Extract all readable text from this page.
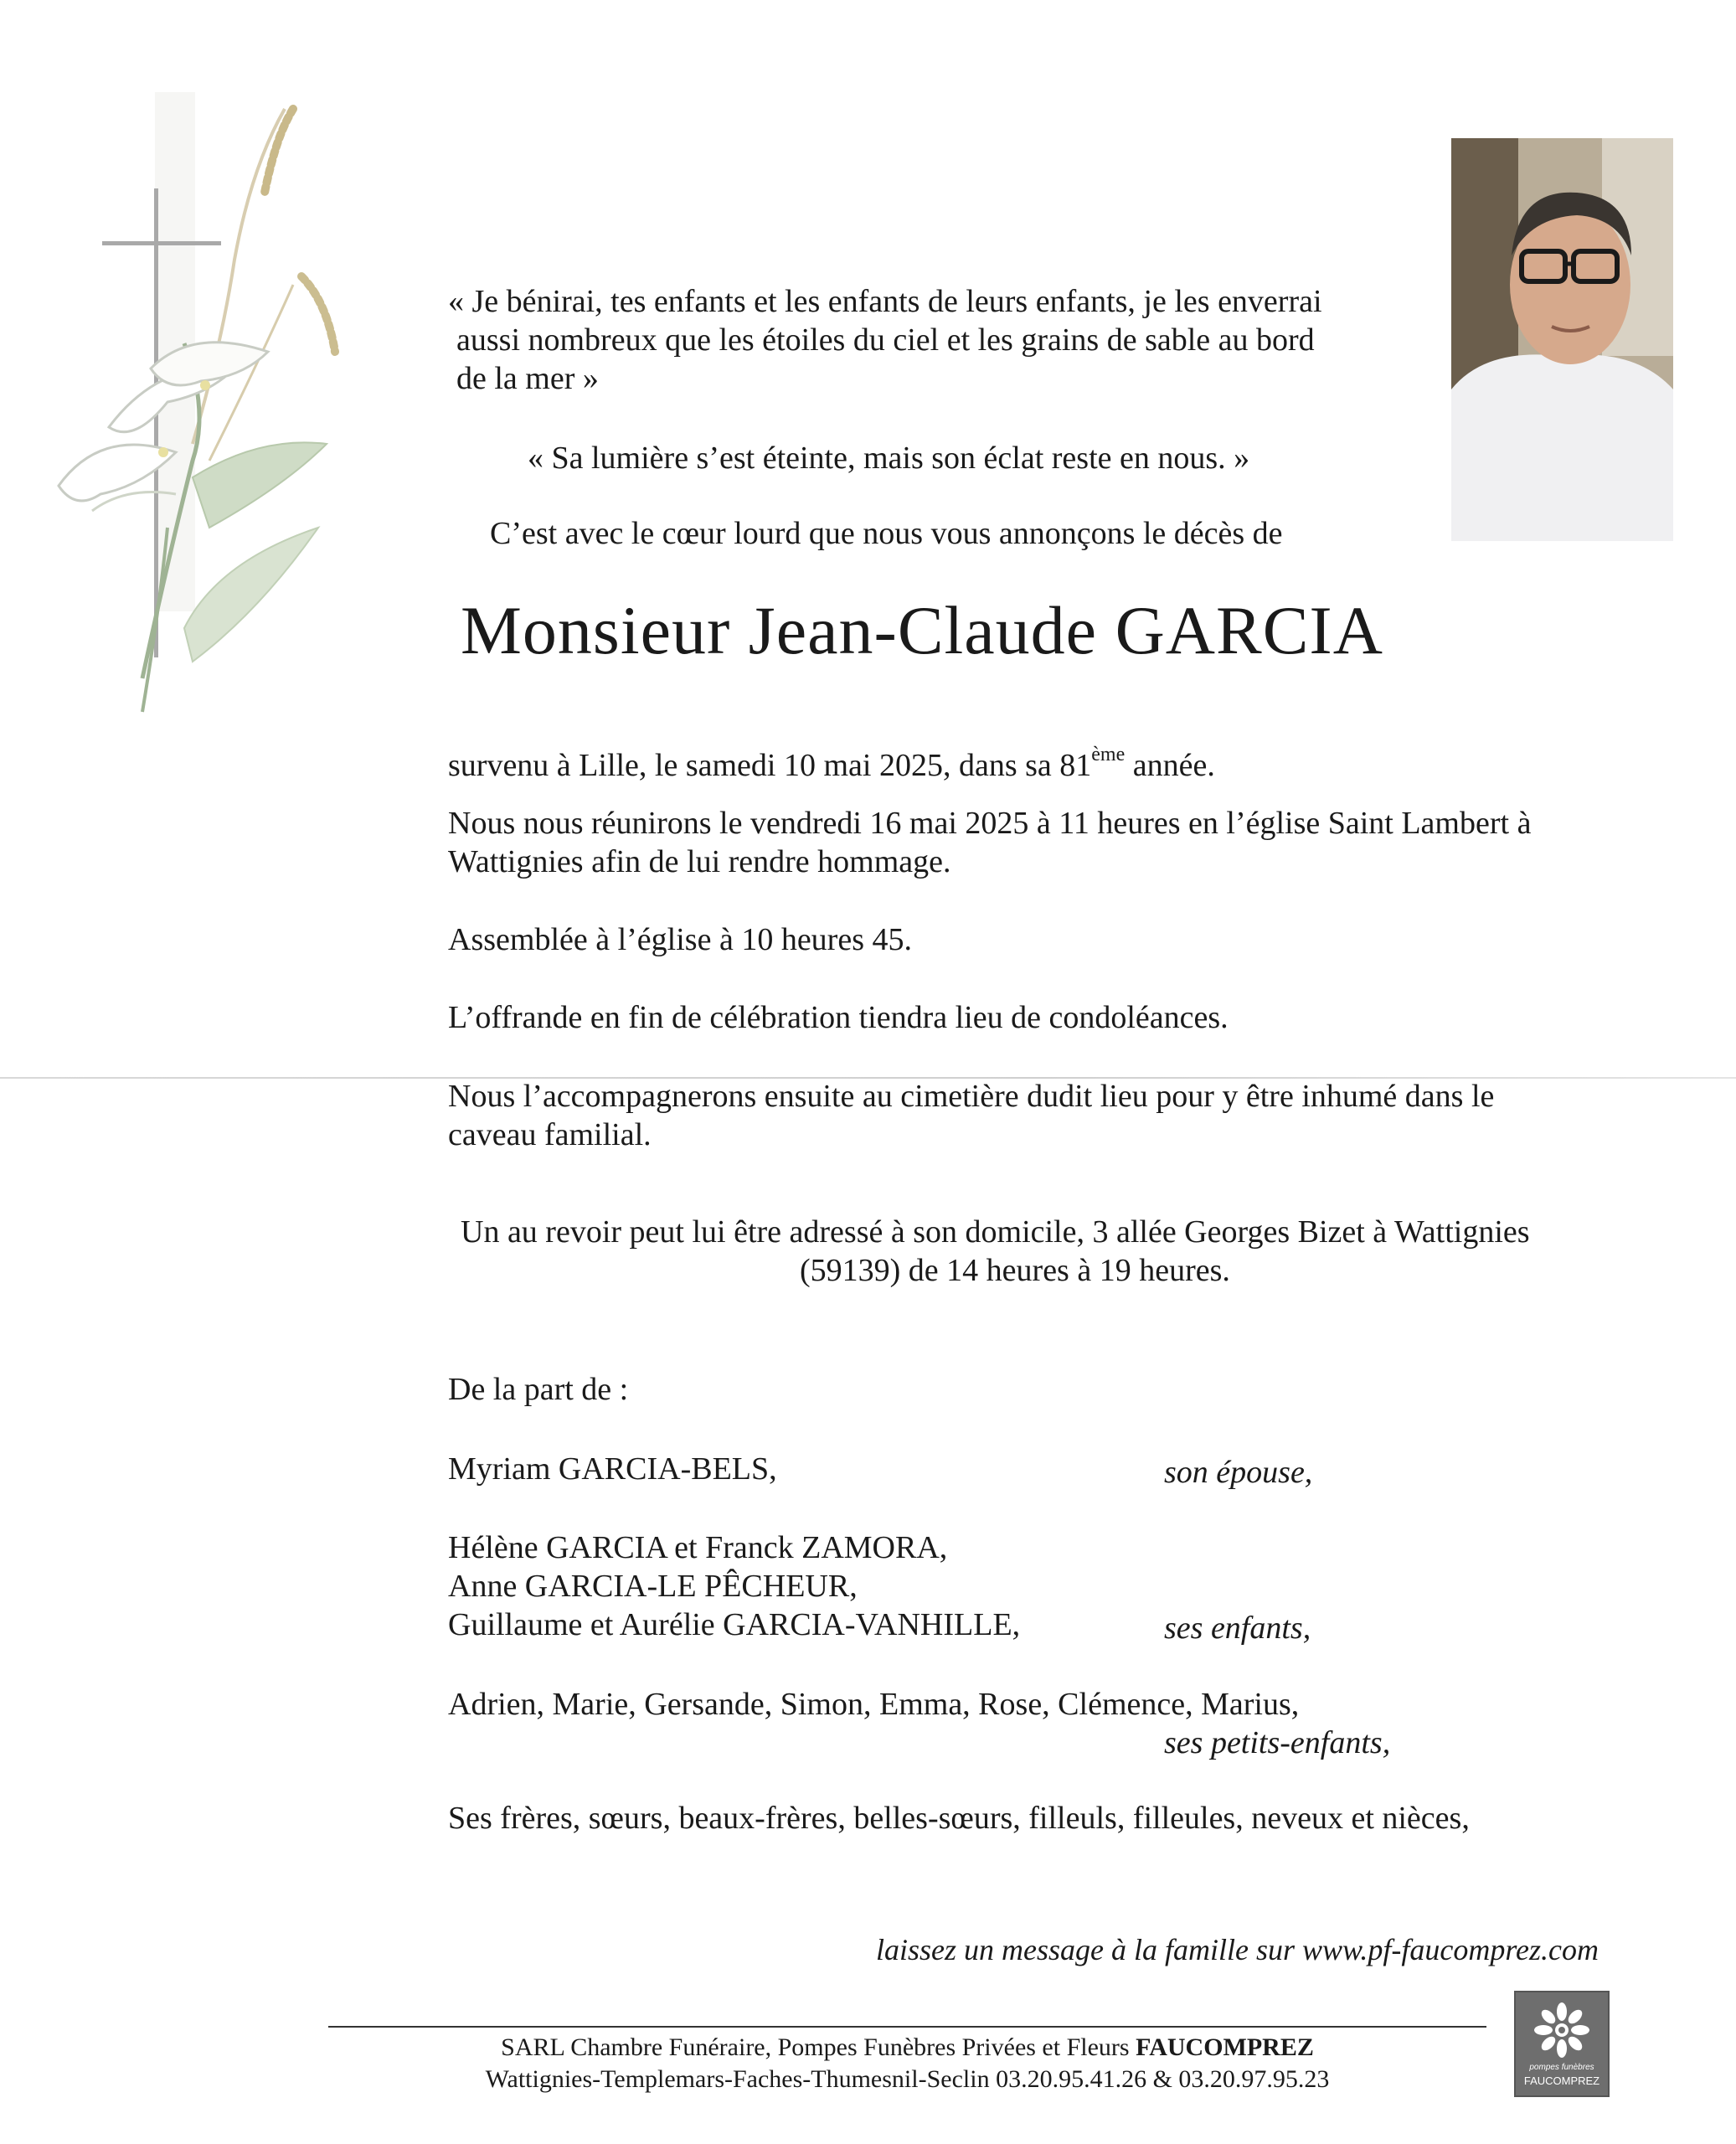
« Je bénirai, tes enfants et les enfants de leurs enfants, je les enverrai
aussi nombreux que les étoiles du ciel et les grains de sable au bord
de la mer »
« Sa lumière s’est éteinte, mais son éclat reste en nous. »
C’est avec le cœur lourd que nous vous annonçons le décès de
Monsieur Jean-Claude GARCIA
survenu à Lille, le samedi 10 mai 2025, dans sa 81ème année.
Nous nous réunirons le vendredi 16 mai 2025 à 11 heures en l’église Saint Lambert à
Wattignies afin de lui rendre hommage.
Assemblée à l’église à 10 heures 45.
L’offrande en fin de célébration tiendra lieu de condoléances.
Nous l’accompagnerons ensuite au cimetière dudit lieu pour y être inhumé dans le
caveau familial.
Un au revoir peut lui être adressé à son domicile, 3 allée Georges Bizet à Wattignies
(59139) de 14 heures à 19 heures.
De la part de :
Myriam GARCIA-BELS,	son épouse,
Hélène GARCIA et Franck ZAMORA,
Anne GARCIA-LE PÊCHEUR,
Guillaume et Aurélie GARCIA-VANHILLE,	ses enfants,
Adrien, Marie, Gersande, Simon, Emma, Rose, Clémence, Marius,
ses petits-enfants,
Ses frères, sœurs, beaux-frères, belles-sœurs, filleuls, filleules, neveux et nièces,
laissez un message à la famille sur www.pf-faucomprez.com
SARL Chambre Funéraire, Pompes Funèbres Privées et Fleurs FAUCOMPREZ
Wattignies-Templemars-Faches-Thumesnil-Seclin 03.20.95.41.26 & 03.20.97.95.23	pompes funèbres
FAUCOMPREZ
